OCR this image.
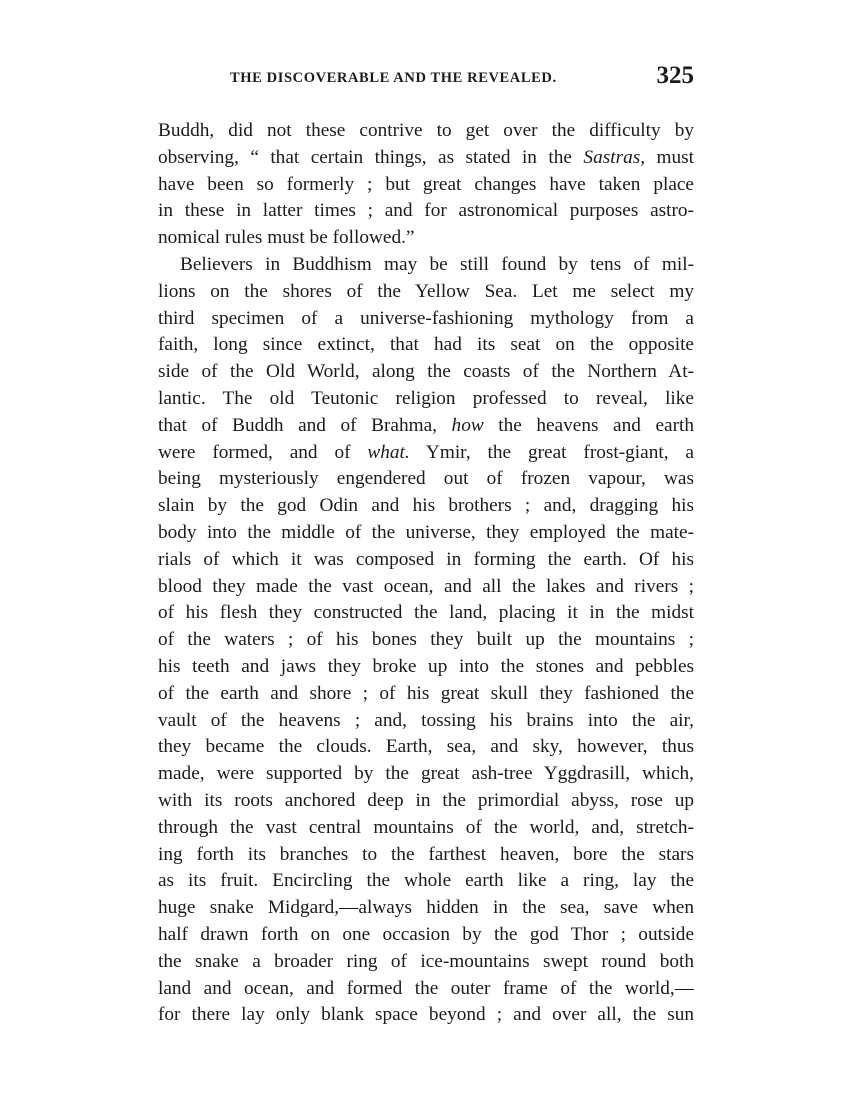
THE DISCOVERABLE AND THE REVEALED.	325
Buddh, did not these contrive to get over the difficulty by
observing, “ that certain things, as stated in the Sastras, must
have been so formerly ; but great changes have taken place
in these in latter times ; and for astronomical purposes astro-
nomical rules must be followed.”
Believers in Buddhism may be still found by tens of mil-
lions on the shores of the Yellow Sea. Let me select my
third specimen of a universe-fashioning mythology from a
faith, long since extinct, that had its seat on the opposite
side of the Old World, along the coasts of the Northern At-
lantic. The old Teutonic religion professed to reveal, like
that of Buddh and of Brahma, how the heavens and earth
were formed, and of what. Ymir, the great frost-giant, a
being mysteriously engendered out of frozen vapour, was
slain by the god Odin and his brothers ; and, dragging his
body into the middle of the universe, they employed the mate-
rials of which it was composed in forming the earth. Of his
blood they made the vast ocean, and all the lakes and rivers ;
of his flesh they constructed the land, placing it in the midst
of the waters ; of his bones they built up the mountains ;
his teeth and jaws they broke up into the stones and pebbles
of the earth and shore ; of his great skull they fashioned the
vault of the heavens ; and, tossing his brains into the air,
they became the clouds. Earth, sea, and sky, however, thus
made, were supported by the great ash-tree Yggdrasill, which,
with its roots anchored deep in the primordial abyss, rose up
through the vast central mountains of the world, and, stretch-
ing forth its branches to the farthest heaven, bore the stars
as its fruit. Encircling the whole earth like a ring, lay the
huge snake Midgard,—always hidden in the sea, save when
half drawn forth on one occasion by the god Thor ; outside
the snake a broader ring of ice-mountains swept round both
land and ocean, and formed the outer frame of the world,—
for there lay only blank space beyond ; and over all, the sun
